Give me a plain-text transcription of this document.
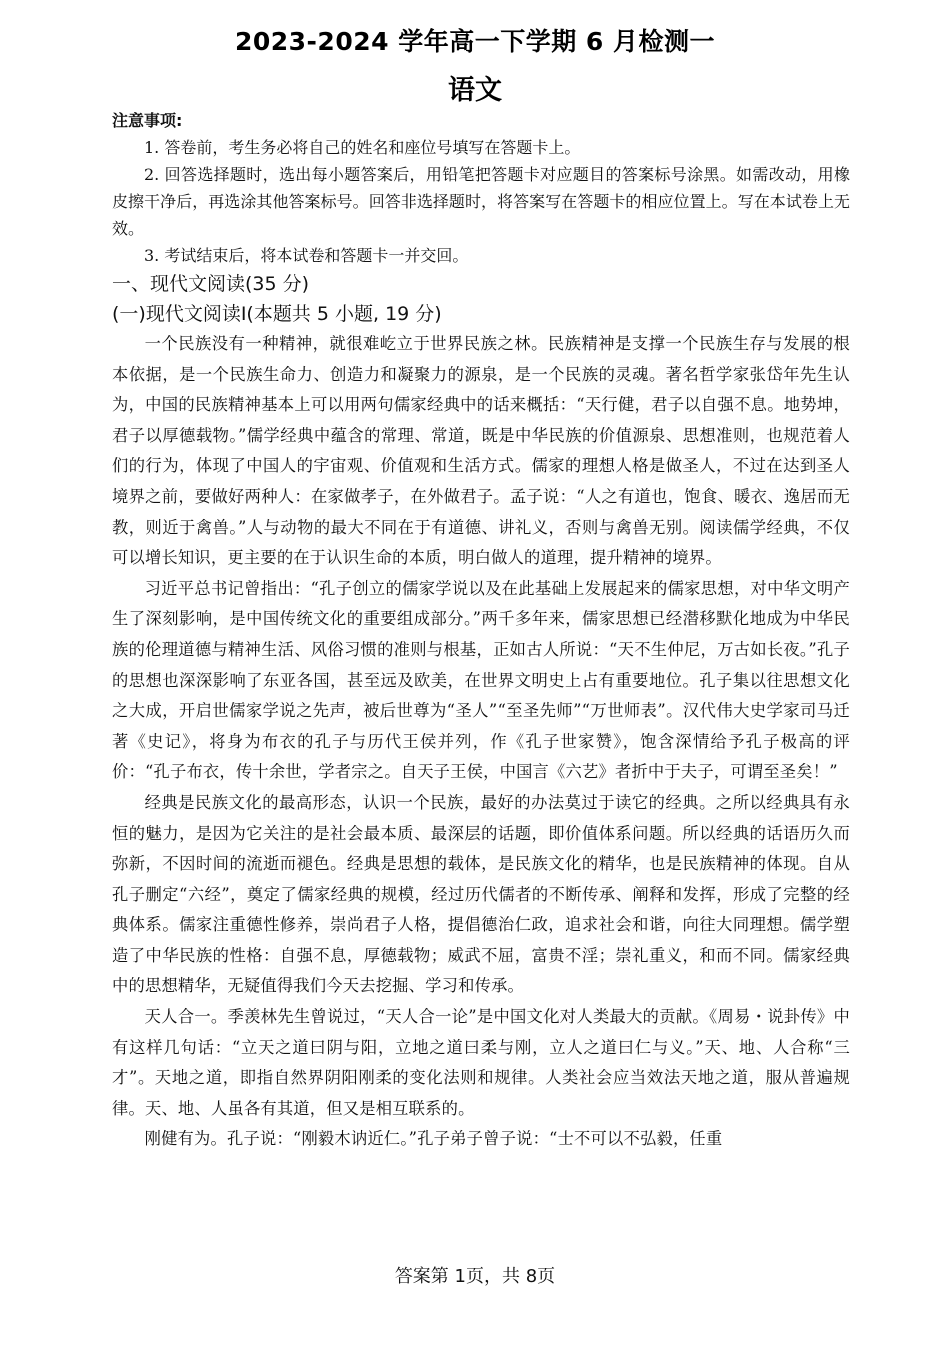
2023-2024 学年高一下学期 6 月检测一
语文

注意事项:

1. 答卷前，考生务必将自己的姓名和座位号填写在答题卡上。

2. 回答选择题时，选出每小题答案后，用铅笔把答题卡对应题目的答案标号涂黑。如需改动，用橡皮擦干净后，再选涂其他答案标号。回答非选择题时，将答案写在答题卡的相应位置上。写在本试卷上无效。

3. 考试结束后，将本试卷和答题卡一并交回。

一、现代文阅读(35 分)

(一)现代文阅读Ⅰ(本题共 5 小题, 19 分)

一个民族没有一种精神，就很难屹立于世界民族之林。民族精神是支撑一个民族生存与发展的根本依据，是一个民族生命力、创造力和凝聚力的源泉，是一个民族的灵魂。著名哲学家张岱年先生认为，中国的民族精神基本上可以用两句儒家经典中的话来概括：“天行健，君子以自强不息。地势坤，君子以厚德载物。”儒学经典中蕴含的常理、常道，既是中华民族的价值源泉、思想准则，也规范着人们的行为，体现了中国人的宇宙观、价值观和生活方式。儒家的理想人格是做圣人，不过在达到圣人境界之前，要做好两种人：在家做孝子，在外做君子。孟子说：“人之有道也，饱食、暖衣、逸居而无教，则近于禽兽。”人与动物的最大不同在于有道德、讲礼义，否则与禽兽无别。阅读儒学经典，不仅可以增长知识，更主要的在于认识生命的本质，明白做人的道理，提升精神的境界。

习近平总书记曾指出：“孔子创立的儒家学说以及在此基础上发展起来的儒家思想，对中华文明产生了深刻影响，是中国传统文化的重要组成部分。”两千多年来，儒家思想已经潜移默化地成为中华民族的伦理道德与精神生活、风俗习惯的准则与根基，正如古人所说：“天不生仲尼，万古如长夜。”孔子的思想也深深影响了东亚各国，甚至远及欧美，在世界文明史上占有重要地位。孔子集以往思想文化之大成，开启世儒家学说之先声，被后世尊为“圣人”“至圣先师”“万世师表”。汉代伟大史学家司马迁著《史记》，将身为布衣的孔子与历代王侯并列，作《孔子世家赞》，饱含深情给予孔子极高的评价：“孔子布衣，传十余世，学者宗之。自天子王侯，中国言《六艺》者折中于夫子，可谓至圣矣！”

经典是民族文化的最高形态，认识一个民族，最好的办法莫过于读它的经典。之所以经典具有永恒的魅力，是因为它关注的是社会最本质、最深层的话题，即价值体系问题。所以经典的话语历久而弥新，不因时间的流逝而褪色。经典是思想的载体，是民族文化的精华，也是民族精神的体现。自从孔子删定“六经”，奠定了儒家经典的规模，经过历代儒者的不断传承、阐释和发挥，形成了完整的经典体系。儒家注重德性修养，崇尚君子人格，提倡德治仁政，追求社会和谐，向往大同理想。儒学塑造了中华民族的性格：自强不息，厚德载物；威武不屈，富贵不淫；崇礼重义，和而不同。儒家经典中的思想精华，无疑值得我们今天去挖掘、学习和传承。

天人合一。季羡林先生曾说过，“天人合一论”是中国文化对人类最大的贡献。《周易・说卦传》中有这样几句话：“立天之道曰阴与阳，立地之道曰柔与刚，立人之道曰仁与义。”天、地、人合称“三才”。天地之道，即指自然界阴阳刚柔的变化法则和规律。人类社会应当效法天地之道，服从普遍规律。天、地、人虽各有其道，但又是相互联系的。

刚健有为。孔子说：“刚毅木讷近仁。”孔子弟子曾子说：“士不可以不弘毅，任重

答案第 1页，共 8页
